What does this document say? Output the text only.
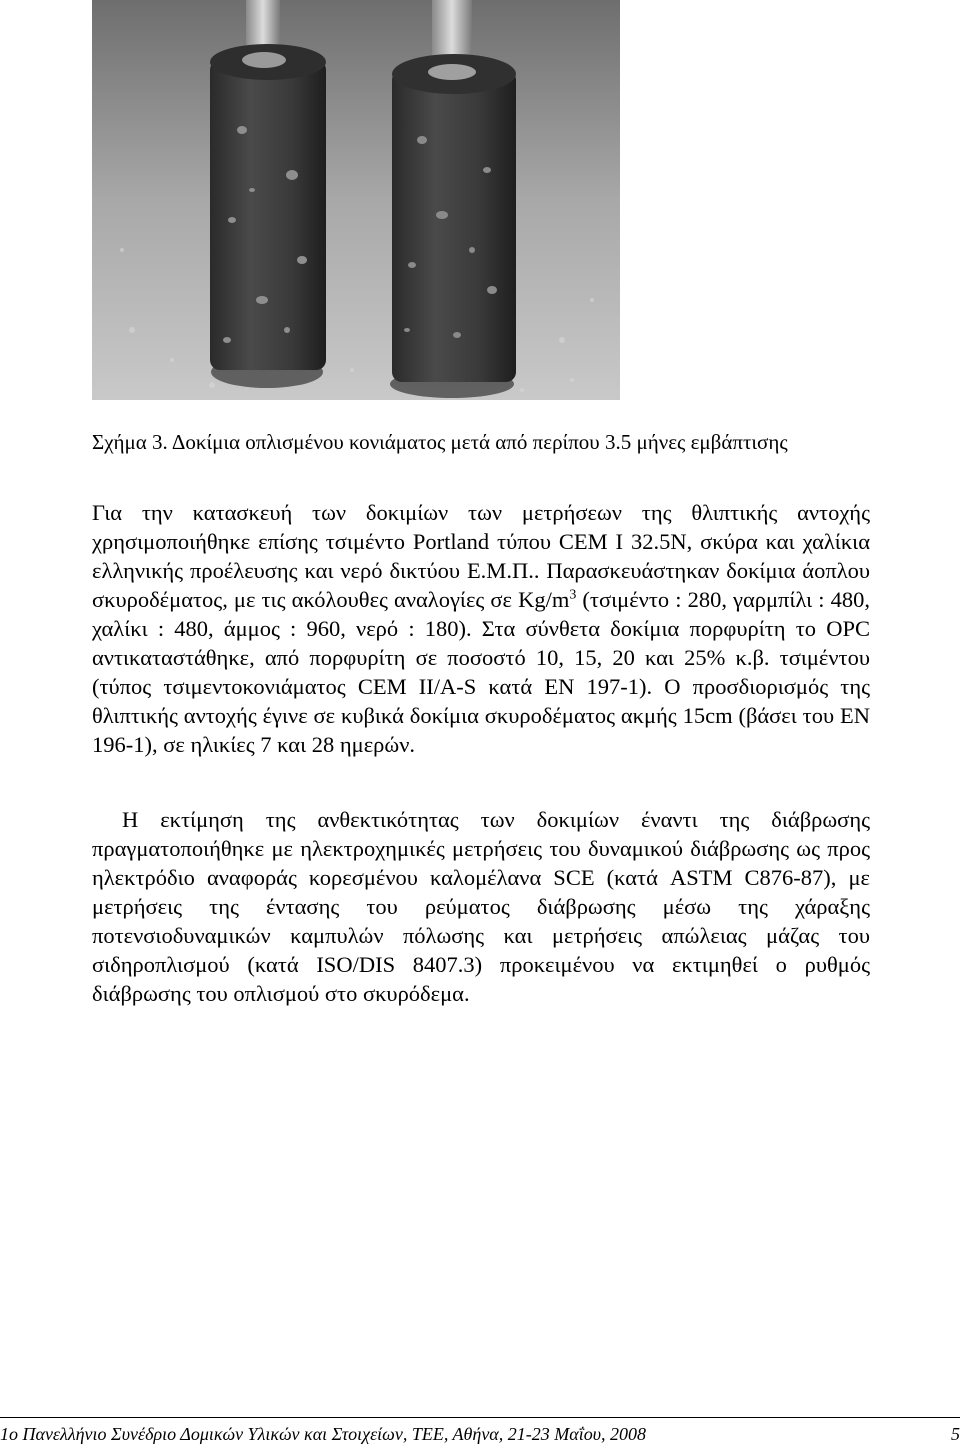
Σχήμα 3. Δοκίμια οπλισμένου κονιάματος μετά από περίπου 3.5 μήνες εμβάπτισης

Για την κατασκευή των δοκιμίων των μετρήσεων της θλιπτικής αντοχής χρησιμοποιήθηκε επίσης τσιμέντο Portland τύπου CEM I 32.5N, σκύρα και χαλίκια ελληνικής προέλευσης και νερό δικτύου Ε.Μ.Π.. Παρασκευάστηκαν δοκίμια άοπλου σκυροδέματος, με τις ακόλουθες αναλογίες σε $Kg/m^3$ (τσιμέντο : 280, γαρμπίλι : 480, χαλίκι : 480, άμμος : 960, νερό : 180). Στα σύνθετα δοκίμια πορφυρίτη το OPC αντικαταστάθηκε, από πορφυρίτη σε ποσοστό 10, 15, 20 και 25% κ.β. τσιμέντου (τύπος τσιμεντοκονιάματος CEM II/A-S κατά EN 197-1). Ο προσδιορισμός της θλιπτικής αντοχής έγινε σε κυβικά δοκίμια σκυροδέματος ακμής 15cm (βάσει του EN 196-1), σε ηλικίες 7 και 28 ημερών.

Η εκτίμηση της ανθεκτικότητας των δοκιμίων έναντι της διάβρωσης πραγματοποιήθηκε με ηλεκτροχημικές μετρήσεις του δυναμικού διάβρωσης ως προς ηλεκτρόδιο αναφοράς κορεσμένου καλομέλανα SCE (κατά ASTM C876-87), με μετρήσεις της έντασης του ρεύματος διάβρωσης μέσω της χάραξης ποτενσιοδυναμικών καμπυλών πόλωσης και μετρήσεις απώλειας μάζας του σιδηροπλισμού (κατά ISO/DIS 8407.3) προκειμένου να εκτιμηθεί ο ρυθμός διάβρωσης του οπλισμού στο σκυρόδεμα.

1ο Πανελλήνιο Συνέδριο Δομικών Υλικών και Στοιχείων, ΤΕΕ, Αθήνα, 21-23 Μαΐου, 2008	5
